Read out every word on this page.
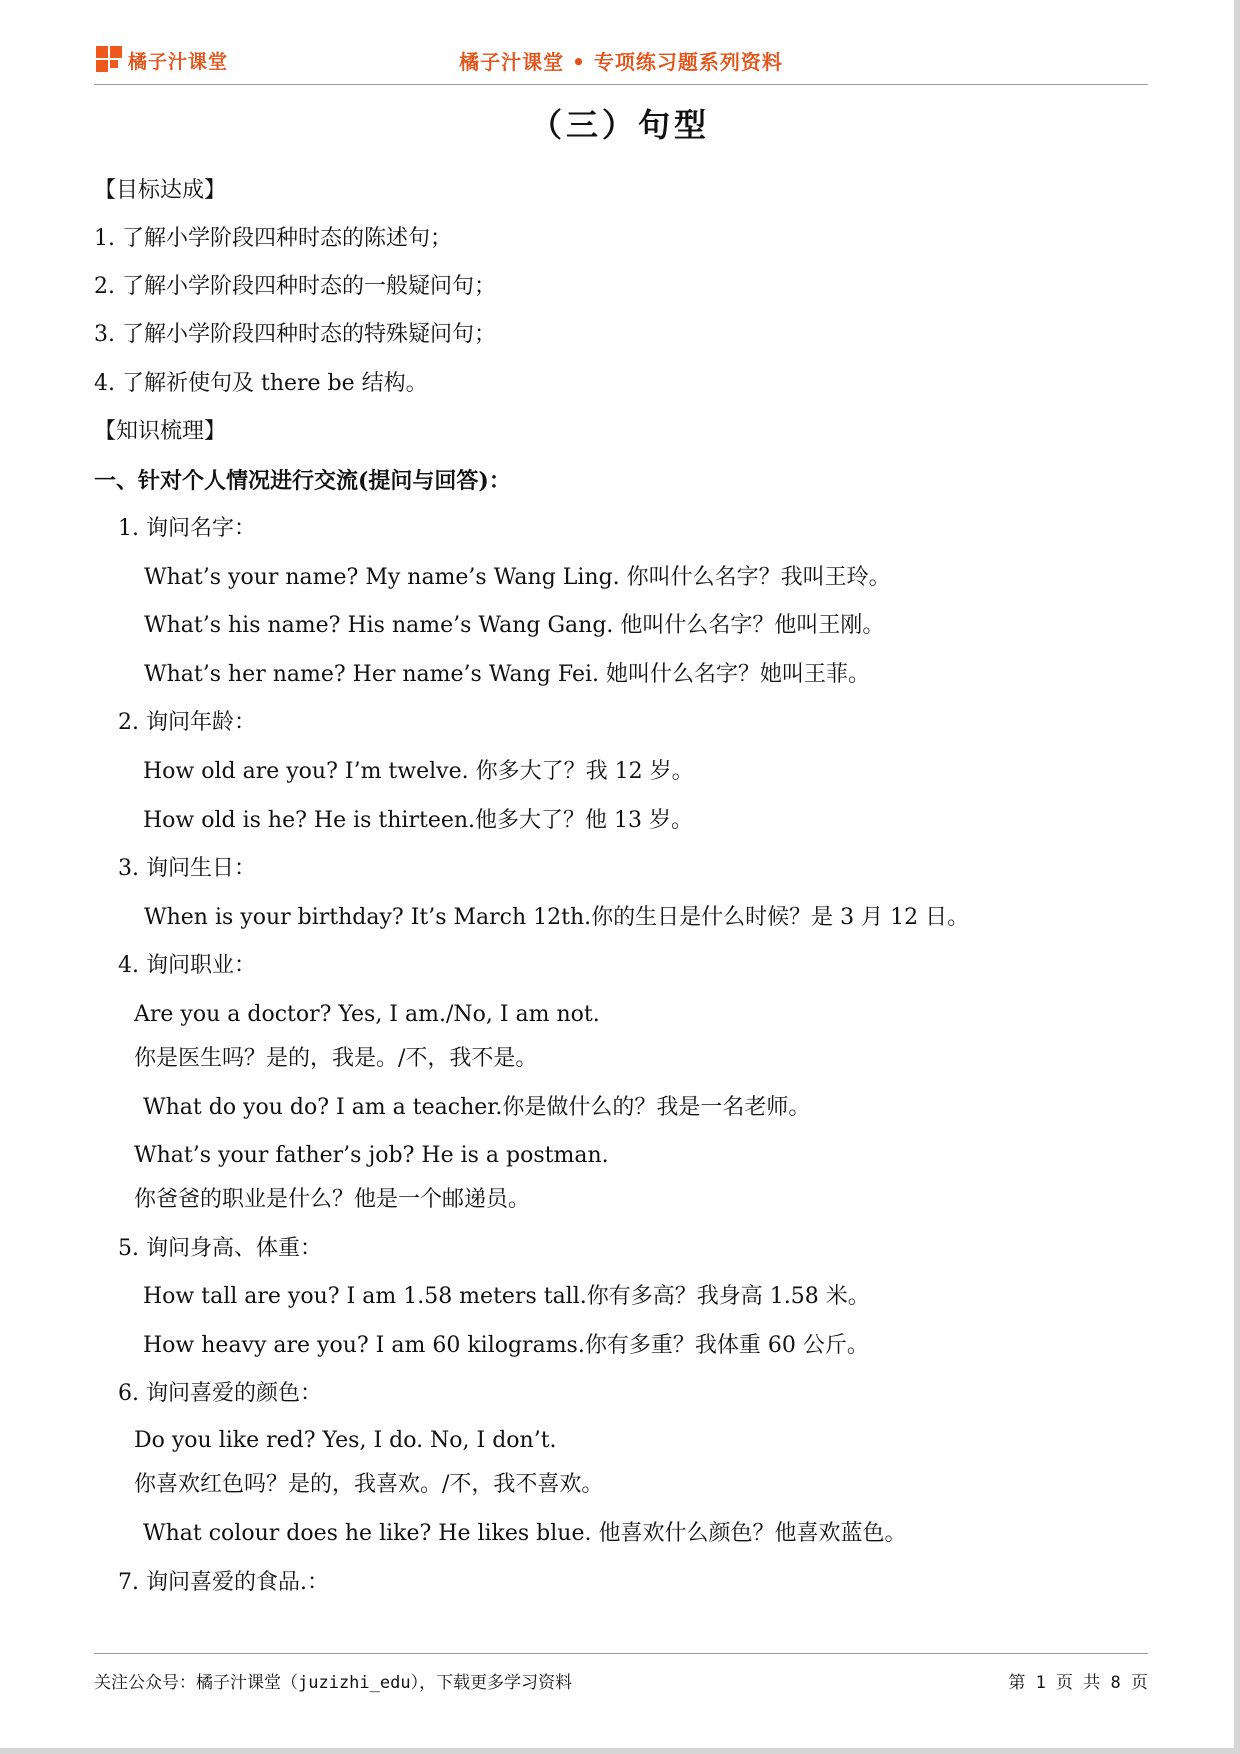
橘子汁课堂	橘子汁课堂 • 专项练习题系列资料
（三）句型
【目标达成】
1. 了解小学阶段四种时态的陈述句；
2. 了解小学阶段四种时态的一般疑问句；
3. 了解小学阶段四种时态的特殊疑问句；
4. 了解祈使句及 there be 结构。
【知识梳理】
一、针对个人情况进行交流(提问与回答)：
1. 询问名字：
What’s your name? My name’s Wang Ling. 你叫什么名字？我叫王玲。
What’s his name? His name’s Wang Gang. 他叫什么名字？他叫王刚。
What’s her name? Her name’s Wang Fei. 她叫什么名字？她叫王菲。
2. 询问年龄：
How old are you? I’m twelve. 你多大了？我 12 岁。
How old is he? He is thirteen.他多大了？他 13 岁。
3. 询问生日：
When is your birthday? It’s March 12th.你的生日是什么时候？是 3 月 12 日。
4. 询问职业：
Are you a doctor? Yes, I am./No, I am not.
你是医生吗？是的，我是。/不，我不是。
What do you do? I am a teacher.你是做什么的？我是一名老师。
What’s your father’s job? He is a postman.
你爸爸的职业是什么？他是一个邮递员。
5. 询问身高、体重：
How tall are you? I am 1.58 meters tall.你有多高？我身高 1.58 米。
How heavy are you? I am 60 kilograms.你有多重？我体重 60 公斤。
6. 询问喜爱的颜色：
Do you like red? Yes, I do. No, I don’t.
你喜欢红色吗？是的，我喜欢。/不，我不喜欢。
What colour does he like? He likes blue. 他喜欢什么颜色？他喜欢蓝色。
7. 询问喜爱的食品.：
关注公众号：橘子汁课堂（juzizhi_edu），下载更多学习资料	第 1 页 共 8 页
